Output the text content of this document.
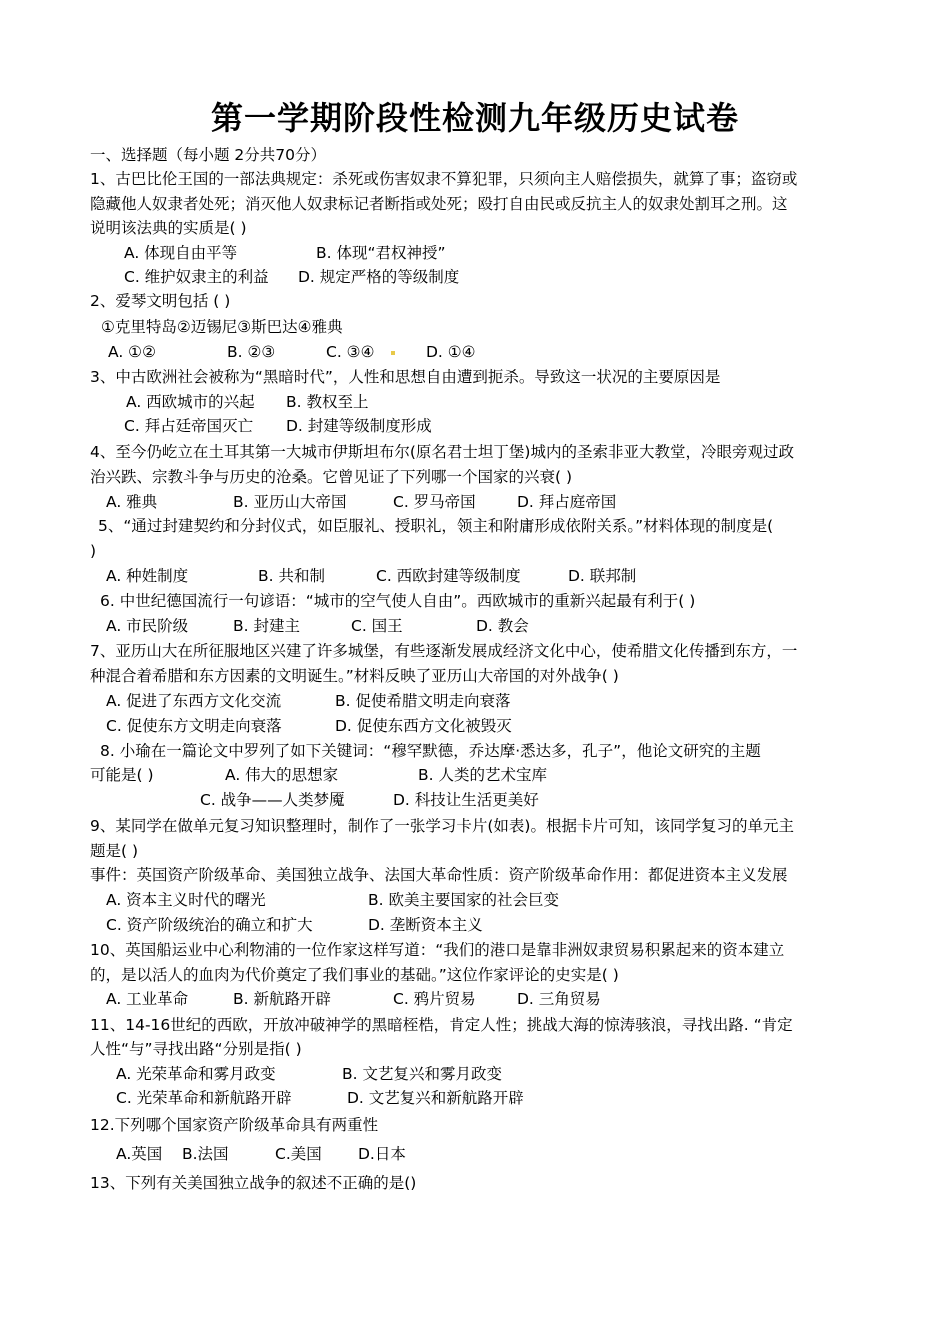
第一学期阶段性检测九年级历史试卷
一、选择题（每小题 2分共70分）
1、古巴比伦王国的一部法典规定：杀死或伤害奴隶不算犯罪，只须向主人赔偿损失，就算了事；盗窃或
隐藏他人奴隶者处死；消灭他人奴隶标记者断指或处死；殴打自由民或反抗主人的奴隶处割耳之刑。这
说明该法典的实质是( )
A. 体现自由平等	B. 体现“君权神授”
C. 维护奴隶主的利益 D. 规定严格的等级制度
2、爱琴文明包括 ( )
①克里特岛②迈锡尼③斯巴达④雅典
A. ①②	B. ②③	C. ③④	D. ①④
3、中古欧洲社会被称为“黑暗时代”，人性和思想自由遭到扼杀。导致这一状况的主要原因是
A. 西欧城市的兴起 B. 教权至上
C. 拜占廷帝国灭亡 D. 封建等级制度形成
4、至今仍屹立在土耳其第一大城市伊斯坦布尔(原名君士坦丁堡)城内的圣索非亚大教堂，冷眼旁观过政
治兴跌、宗教斗争与历史的沧桑。它曾见证了下列哪一个国家的兴衰( )
A. 雅典	B. 亚历山大帝国	C. 罗马帝国	D. 拜占庭帝国
5、“通过封建契约和分封仪式，如臣服礼、授职礼，领主和附庸形成依附关系。”材料体现的制度是(
)
A. 种姓制度	B. 共和制	C. 西欧封建等级制度	D. 联邦制
6. 中世纪德国流行一句谚语：“城市的空气使人自由”。西欧城市的重新兴起最有利于( )
A. 市民阶级	B. 封建主	C. 国王	D. 教会
7、亚历山大在所征服地区兴建了许多城堡，有些逐渐发展成经济文化中心，使希腊文化传播到东方，一
种混合着希腊和东方因素的文明诞生。”材料反映了亚历山大帝国的对外战争( )
A. 促进了东西方文化交流	B. 促使希腊文明走向衰落
C. 促使东方文明走向衰落	D. 促使东西方文化被毁灭
8. 小瑜在一篇论文中罗列了如下关键词：“穆罕默德，乔达摩·悉达多，孔子”，他论文研究的主题
可能是( )	A. 伟大的思想家	B. 人类的艺术宝库
C. 战争——人类梦魇	D. 科技让生活更美好
9、某同学在做单元复习知识整理时，制作了一张学习卡片(如表)。根据卡片可知，该同学复习的单元主
题是( )
事件：英国资产阶级革命、美国独立战争、法国大革命性质：资产阶级革命作用：都促进资本主义发展
A. 资本主义时代的曙光	B. 欧美主要国家的社会巨变
C. 资产阶级统治的确立和扩大	D. 垄断资本主义
10、英国船运业中心利物浦的一位作家这样写道：“我们的港口是靠非洲奴隶贸易积累起来的资本建立
的，是以活人的血肉为代价奠定了我们事业的基础。”这位作家评论的史实是( )
A. 工业革命	B. 新航路开辟	C. 鸦片贸易	D. 三角贸易
11、14-16世纪的西欧，开放冲破神学的黑暗桎梏，肯定人性；挑战大海的惊涛骇浪，寻找出路. “肯定
人性“与”寻找出路“分别是指( )
A. 光荣革命和雾月政变	B. 文艺复兴和雾月政变
C. 光荣革命和新航路开辟	D. 文艺复兴和新航路开辟
12.下列哪个国家资产阶级革命具有两重性
A.英国 B.法国	C.美国 D.日本
13、下列有关美国独立战争的叙述不正确的是()
